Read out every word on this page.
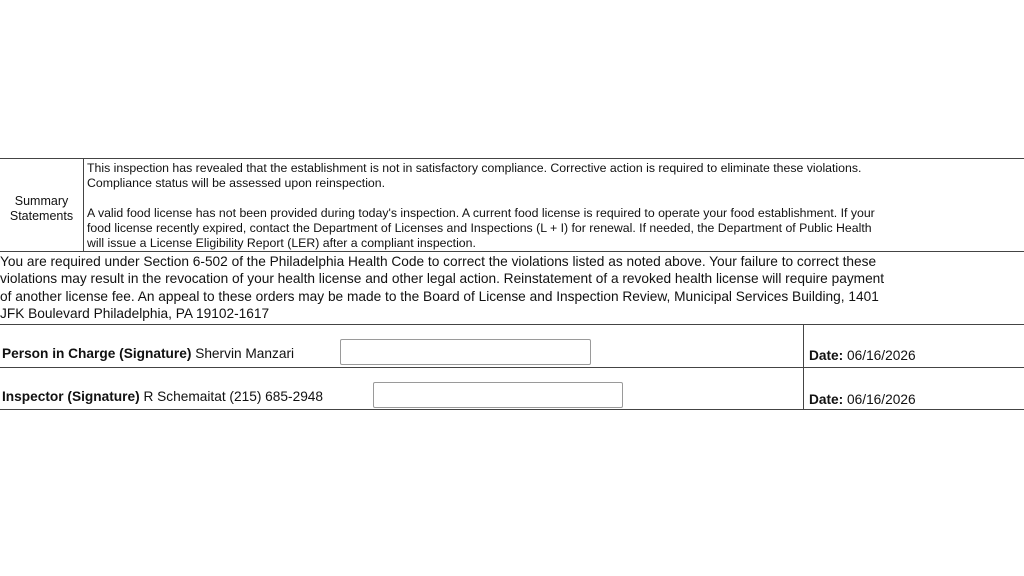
Summary
Statements

This inspection has revealed that the establishment is not in satisfactory compliance. Corrective action is required to eliminate these violations.
Compliance status will be assessed upon reinspection.

A valid food license has not been provided during today's inspection. A current food license is required to operate your food establishment. If your
food license recently expired, contact the Department of Licenses and Inspections (L + I) for renewal. If needed, the Department of Public Health
will issue a License Eligibility Report (LER) after a compliant inspection.

You are required under Section 6-502 of the Philadelphia Health Code to correct the violations listed as noted above. Your failure to correct these
violations may result in the revocation of your health license and other legal action. Reinstatement of a revoked health license will require payment
of another license fee. An appeal to these orders may be made to the Board of License and Inspection Review, Municipal Services Building, 1401
JFK Boulevard Philadelphia, PA 19102-1617

Person in Charge (Signature) Shervin Manzari	Date: 06/16/2026
Inspector (Signature) R Schemaitat (215) 685-2948	Date: 06/16/2026
